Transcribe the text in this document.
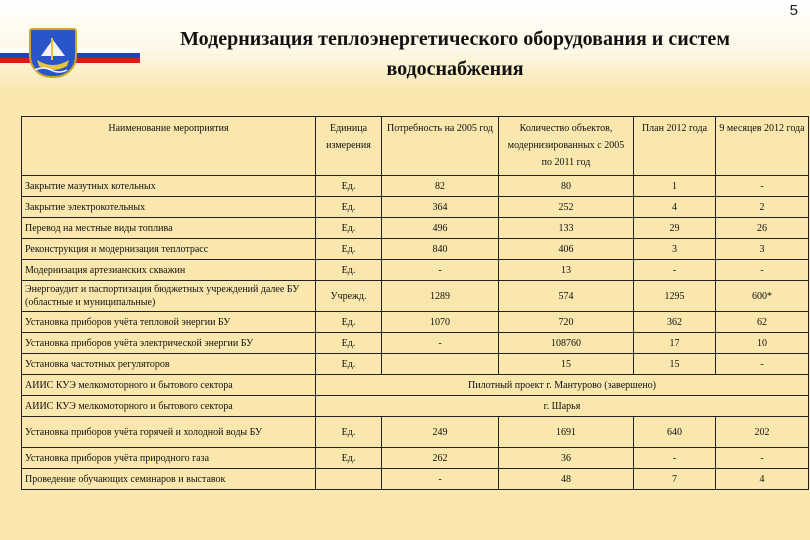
5
Модернизация теплоэнергетического оборудования и систем
водоснабжения
Наименование мероприятия	Единица измерения	Потребность на 2005 год	Количество объектов, модернизированных с 2005 по 2011 год	План 2012 года	9 месяцев 2012 года
Закрытие мазутных котельных	Ед.	82	80	1	-
Закрытие электрокотельных	Ед.	364	252	4	2
Перевод на местные виды топлива	Ед.	496	133	29	26
Реконструкция и модернизация теплотрасс	Ед.	840	406	3	3
Модернизация артезианских скважин	Ед.	-	13	-	-
Энергоаудит и паспортизация бюджетных учреждений далее БУ (областные и муниципальные)	Учрежд.	1289	574	1295	600*
Установка приборов учёта тепловой энергии БУ	Ед.	1070	720	362	62
Установка приборов учёта электрической энергии БУ	Ед.	-	108760	17	10
Установка частотных регуляторов	Ед.		15	15	-
АИИС КУЭ мелкомоторного и бытового сектора	Пилотный проект г. Мантурово (завершено)				
АИИС КУЭ мелкомоторного и бытового сектора	г. Шарья				
Установка приборов учёта горячей и холодной воды БУ	Ед.	249	1691	640	202
Установка приборов учёта природного газа	Ед.	262	36	-	-
Проведение обучающих семинаров и выставок		-	48	7	4
